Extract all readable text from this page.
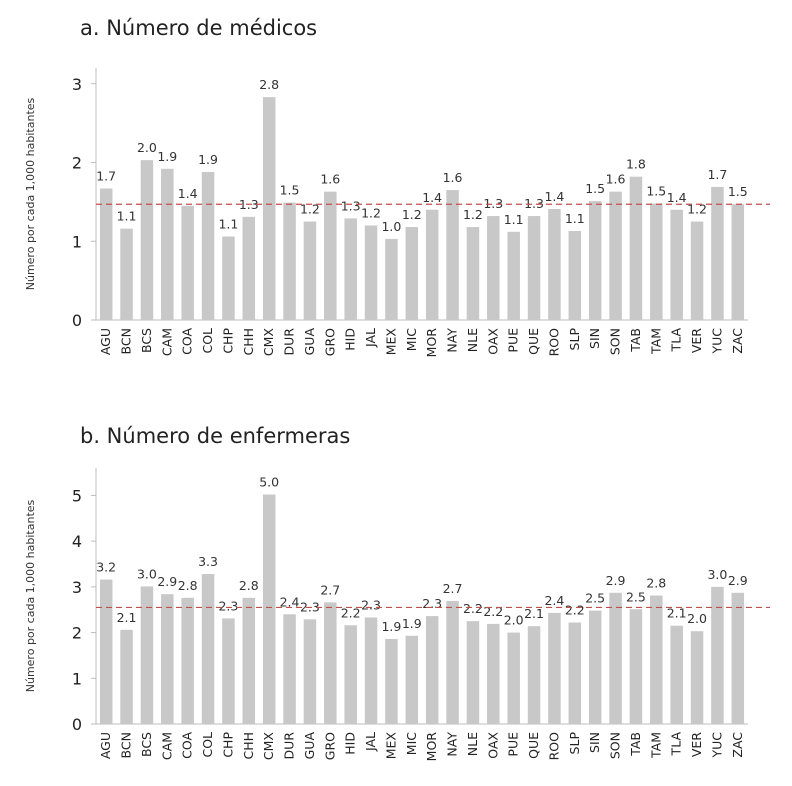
a. Número de médicos
Número por cada 1,000 habitantes
0
1
2
3
1.7
AGU
1.1
BCN
2.0
BCS
1.9
CAM
1.4
COA
1.9
COL
1.1
CHP
1.3
CHH
2.8
CMX
1.5
DUR
1.2
GUA
1.6
GRO
1.3
HID
1.2
JAL
1.0
MEX
1.2
MIC
1.4
MOR
1.6
NAY
1.2
NLE
1.3
OAX
1.1
PUE
1.3
QUE
1.4
ROO
1.1
SLP
1.5
SIN
1.6
SON
1.8
TAB
1.5
TAM
1.4
TLA
1.2
VER
1.7
YUC
1.5
ZAC
b. Número de enfermeras
Número por cada 1,000 habitantes
0
1
2
3
4
5
3.2
AGU
2.1
BCN
3.0
BCS
2.9
CAM
2.8
COA
3.3
COL
2.3
CHP
2.8
CHH
5.0
CMX
2.4
DUR
2.3
GUA
2.7
GRO
2.2
HID
2.3
JAL
1.9
MEX
1.9
MIC
2.3
MOR
2.7
NAY
2.2
NLE
2.2
OAX
2.0
PUE
2.1
QUE
2.4
ROO
2.2
SLP
2.5
SIN
2.9
SON
2.5
TAB
2.8
TAM
2.1
TLA
2.0
VER
3.0
YUC
2.9
ZAC
